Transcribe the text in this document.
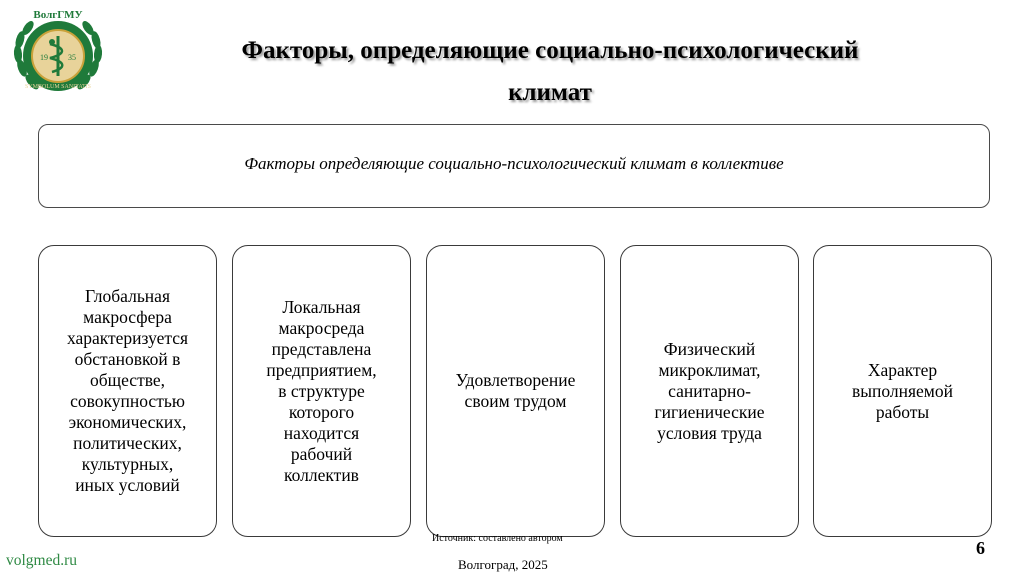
19	35
ВолгГМУ
SYMBOLUM SANITATIS
Факторы, определяющие социально-психологический
климат
Факторы определяющие социально-психологический климат в коллективе
Глобальная
макросфера
характеризуется
обстановкой в
обществе,
совокупностью
экономических,
политических,
культурных,
иных условий
Локальная
макросреда
представлена
предприятием,
в структуре
которого
находится
рабочий
коллектив
Удовлетворение
своим трудом
Физический
микроклимат,
санитарно-
гигиенические
условия труда
Характер
выполняемой
работы
Источник: составлено автором
volgmed.ru	Волгоград, 2025
6
